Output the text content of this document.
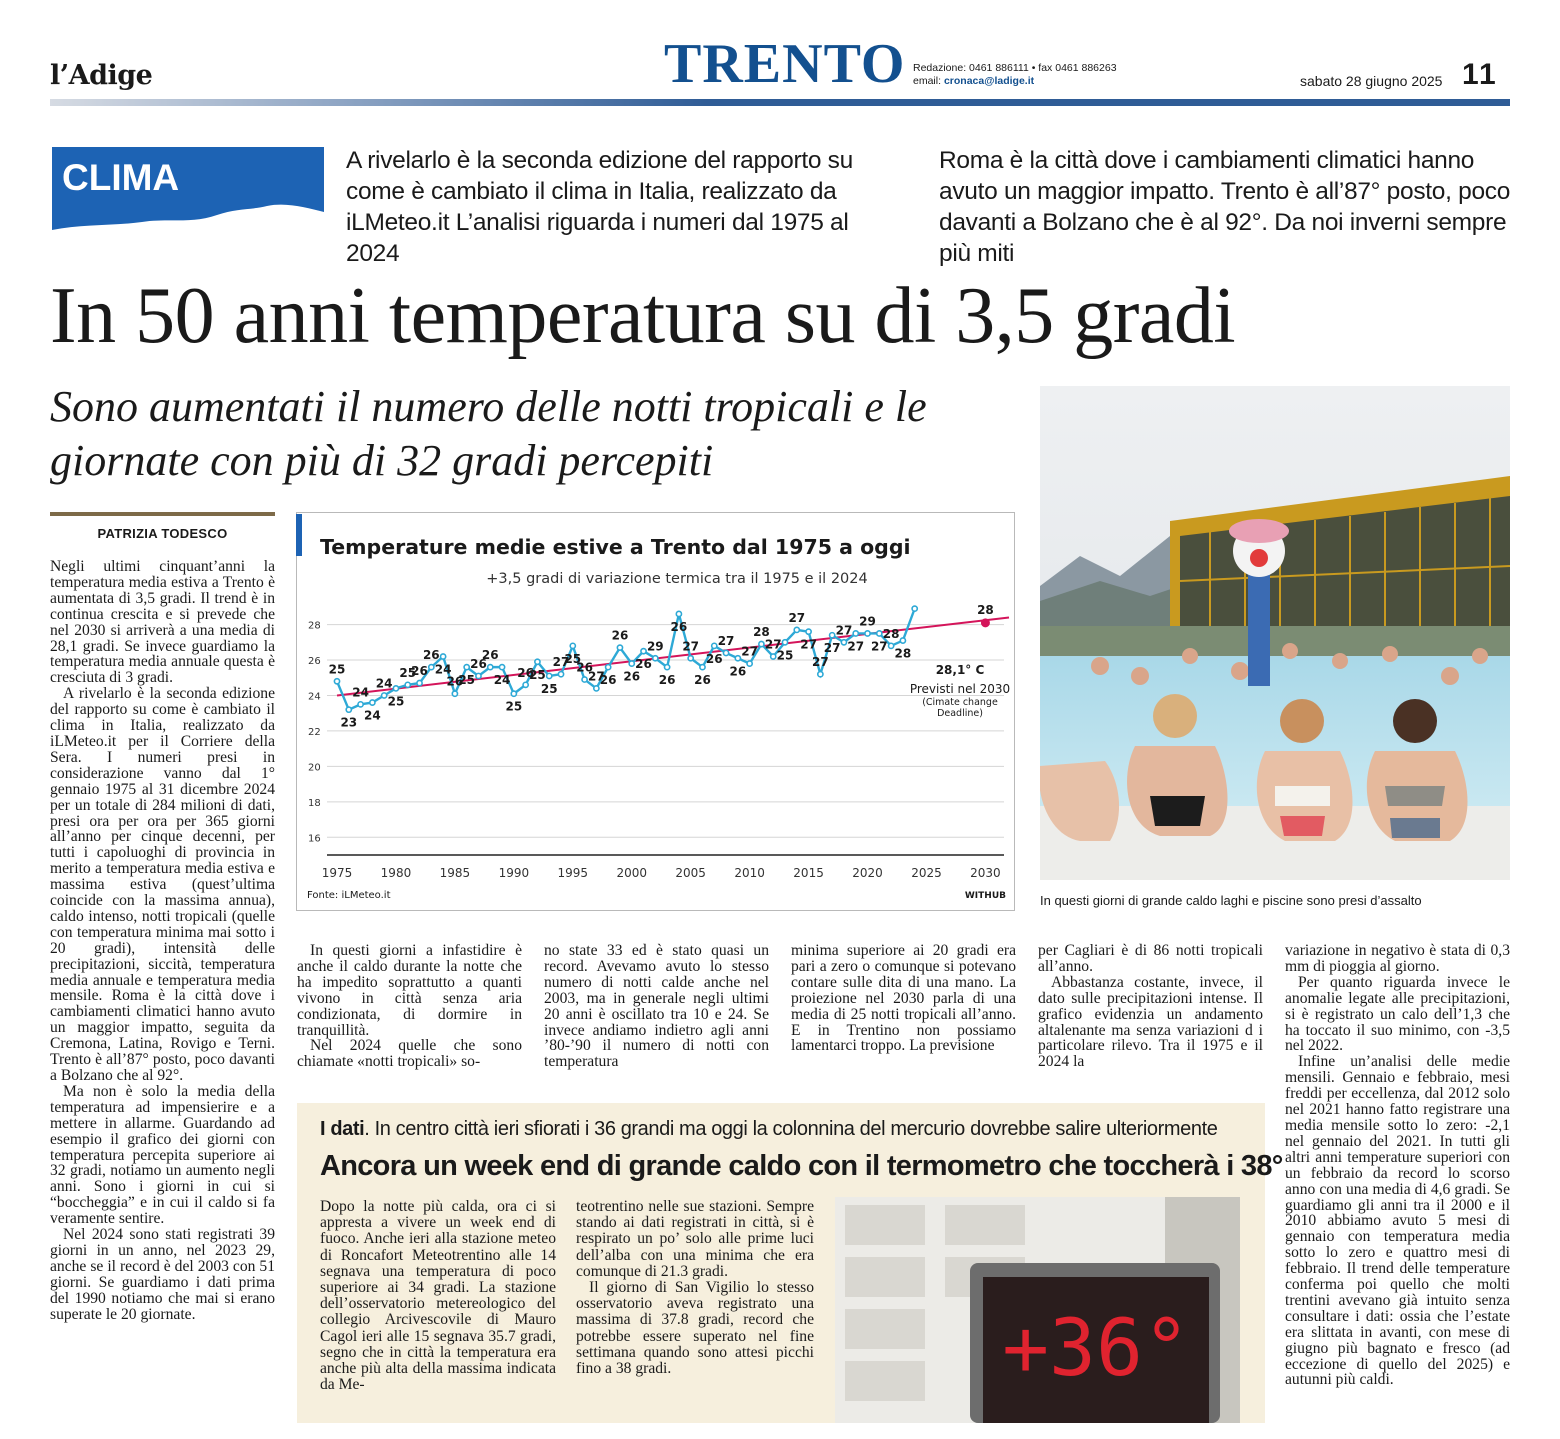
l’Adige	TRENTO Redazione: 0461 886111 • fax 0461 886263
email: cronaca@ladige.it	sabato 28 giugno 2025 11
CLIMA	A rivelarlo è la seconda edizione del rapporto su come è cambiato il clima in Italia, realizzato da iLMeteo.it L’analisi riguarda i numeri dal 1975 al 2024
Roma è la città dove i cambiamenti climatici hanno avuto un maggior impatto. Trento è all’87° posto, poco davanti a Bolzano che è al 92°. Da noi inverni sempre più miti
In 50 anni temperatura su di 3,5 gradi
Sono aumentati il numero delle notti tropicali e le giornate con più di 32 gradi percepiti
PATRIZIA TODESCO

Negli ultimi cinquant’anni la temperatura media estiva a Trento è aumentata di 3,5 gradi. Il trend è in continua crescita e si prevede che nel 2030 si arriverà a una media di 28,1 gradi. Se invece guardiamo la temperatura media annuale questa è cresciuta di 3 gradi.

A rivelarlo è la seconda edizione del rapporto su come è cambiato il clima in Italia, realizzato da iLMeteo.it per il Corriere della Sera. I numeri presi in considerazione vanno dal 1° gennaio 1975 al 31 dicembre 2024 per un totale di 284 milioni di dati, presi ora per ora per 365 giorni all’anno per cinque decenni, per tutti i capoluoghi di provincia in merito a temperatura media estiva e massima estiva (quest’ultima coincide con la massima annua), caldo intenso, notti tropicali (quelle con temperatura minima mai sotto i 20 gradi), intensità delle precipitazioni, siccità, temperatura media annuale e temperatura media mensile. Roma è la città dove i cambiamenti climatici hanno avuto un maggior impatto, seguita da Cremona, Latina, Rovigo e Terni. Trento è all’87° posto, poco davanti a Bolzano che al 92°.

Ma non è solo la media della temperatura ad impensierire e a mettere in allarme. Guardando ad esempio il grafico dei giorni con temperatura percepita superiore ai 32 gradi, notiamo un aumento negli anni. Sono i giorni in cui si “boccheggia” e in cui il caldo si fa veramente sentire.

Nel 2024 sono stati registrati 39 giorni in un anno, nel 2023 29, anche se il record è del 2003 con 51 giorni. Se guardiamo i dati prima del 1990 notiamo che mai si erano superate le 20 giornate.

Temperature medie estive a Trento dal 1975 a oggi
+3,5 gradi di variazione termica tra il 1975 e il 2024
16
18
20
22
24
26
28
1975 1980 1985 1990 1995 2000 2005 2010 2015 2020 2025 2030
25
23
24
24
24
25
25
26
26
24
26
25
26
26
24
25
26
25
25
27
25
26
27
26
26
26
26
29
26
26
27
26
26
27
26
27
28
27
25
27
27
27
27
27
27
29
27
28
28
28
28,1° C
Previsti nel 2030
(Cimate change
Deadline)
Fonte: iLMeteo.it	WITHUB	In questi giorni di grande caldo laghi e piscine sono presi d’assalto

In questi giorni a infastidire è anche il caldo durante la notte che ha impedito soprattutto a quanti vivono in città senza aria condizionata, di dormire in tranquillità.

Nel 2024 quelle che sono chiamate «notti tropicali» so-

no state 33 ed è stato quasi un record. Avevamo avuto lo stesso numero di notti calde anche nel 2003, ma in generale negli ultimi 20 anni è oscillato tra 10 e 24. Se invece andiamo indietro agli anni ’80-’90 il numero di notti con temperatura

minima superiore ai 20 gradi era pari a zero o comunque si potevano contare sulle dita di una mano. La proiezione nel 2030 parla di una media di 25 notti tropicali all’anno. E in Trentino non possiamo lamentarci troppo. La previsione

per Cagliari è di 86 notti tropicali all’anno.

Abbastanza costante, invece, il dato sulle precipitazioni intense. Il grafico evidenzia un andamento altalenante ma senza variazioni d i particolare rilevo. Tra il 1975 e il 2024 la

variazione in negativo è stata di 0,3 mm di pioggia al giorno.

Per quanto riguarda invece le anomalie legate alle precipitazioni, si è registrato un calo dell’1,3 che ha toccato il suo minimo, con -3,5 nel 2022.

Infine un’analisi delle medie mensili. Gennaio e febbraio, mesi freddi per eccellenza, dal 2012 solo nel 2021 hanno fatto registrare una media mensile sotto lo zero: -2,1 nel gennaio del 2021. In tutti gli altri anni temperature superiori con un febbraio da record lo scorso anno con una media di 4,6 gradi. Se guardiamo gli anni tra il 2000 e il 2010 abbiamo avuto 5 mesi di gennaio con temperatura media sotto lo zero e quattro mesi di febbraio. Il trend delle temperature conferma poi quello che molti trentini avevano già intuito senza consultare i dati: ossia che l’estate era slittata in avanti, con mese di giugno più bagnato e fresco (ad eccezione di quello del 2025) e autunni più caldi.

I dati. In centro città ieri sfiorati i 36 grandi ma oggi la colonnina del mercurio dovrebbe salire ulteriormente
Ancora un week end di grande caldo con il termometro che toccherà i 38°

Dopo la notte più calda, ora ci si appresta a vivere un week end di fuoco. Anche ieri alla stazione meteo di Roncafort Meteotrentino alle 14 segnava una temperatura di poco superiore ai 34 gradi. La stazione dell’osservatorio metereologico del collegio Arcivescovile di Mauro Cagol ieri alle 15 segnava 35.7 gradi, segno che in città la temperatura era anche più alta della massima indicata da Me-

teotrentino nelle sue stazioni. Sempre stando ai dati registrati in città, si è respirato un po’ solo alle prime luci dell’alba con una minima che era comunque di 21.3 gradi.

Il giorno di San Vigilio lo stesso osservatorio aveva registrato una massima di 37.8 gradi, record che potrebbe essere superato nel fine settimana quando sono attesi picchi fino a 38 gradi.	+36°
